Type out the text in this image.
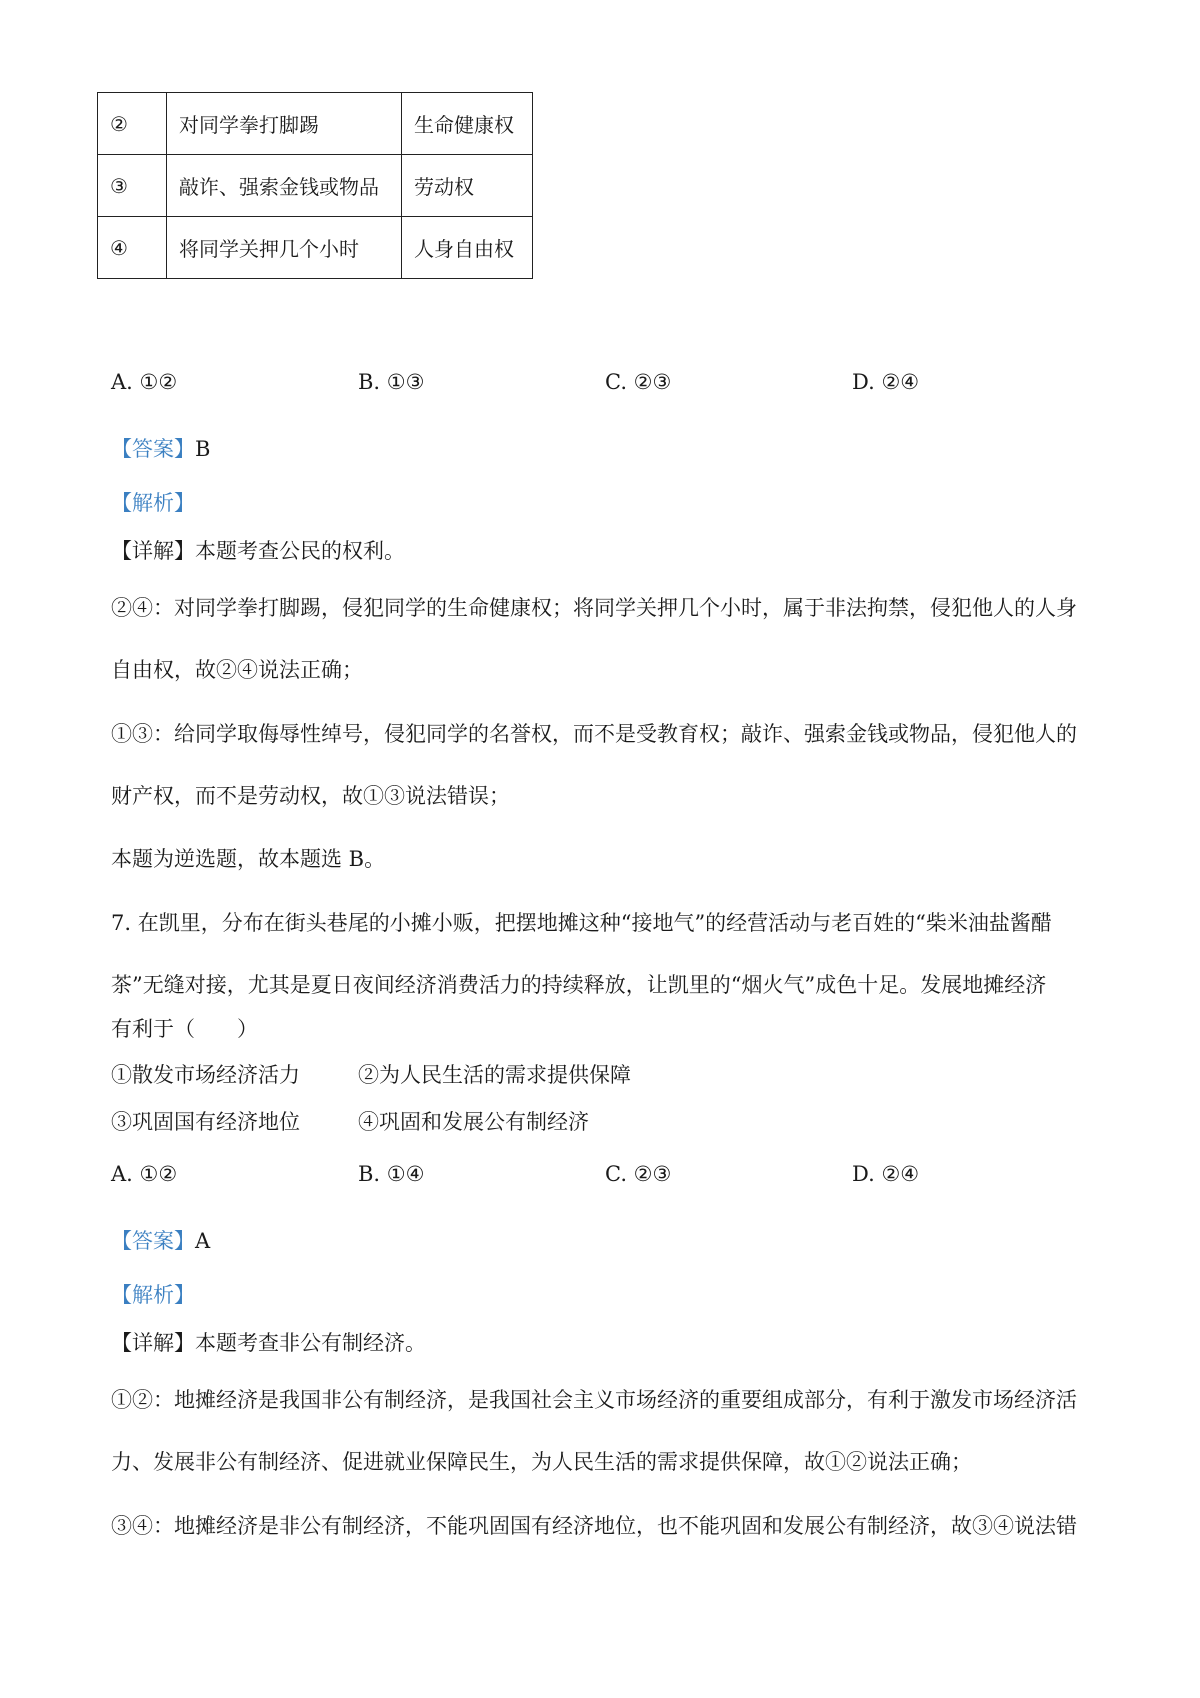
②	对同学拳打脚踢	生命健康权
③	敲诈、强索金钱或物品	劳动权
④	将同学关押几个小时	人身自由权
A. ①②	B. ①③	C. ②③	D. ②④
【答案】B
【解析】
【详解】本题考查公民的权利。
②④：对同学拳打脚踢，侵犯同学的生命健康权；将同学关押几个小时，属于非法拘禁，侵犯他人的人身
自由权，故②④说法正确；
①③：给同学取侮辱性绰号，侵犯同学的名誉权，而不是受教育权；敲诈、强索金钱或物品，侵犯他人的
财产权，而不是劳动权，故①③说法错误；
本题为逆选题，故本题选 B。
7. 在凯里，分布在街头巷尾的小摊小贩，把摆地摊这种“接地气”的经营活动与老百姓的“柴米油盐酱醋
茶”无缝对接，尤其是夏日夜间经济消费活力的持续释放，让凯里的“烟火气”成色十足。发展地摊经济
有利于（　　）
①散发市场经济活力	②为人民生活的需求提供保障
③巩固国有经济地位	④巩固和发展公有制经济
A. ①②	B. ①④	C. ②③	D. ②④
【答案】A
【解析】
【详解】本题考查非公有制经济。
①②：地摊经济是我国非公有制经济，是我国社会主义市场经济的重要组成部分，有利于激发市场经济活
力、发展非公有制经济、促进就业保障民生，为人民生活的需求提供保障，故①②说法正确；
③④：地摊经济是非公有制经济，不能巩固国有经济地位，也不能巩固和发展公有制经济，故③④说法错
